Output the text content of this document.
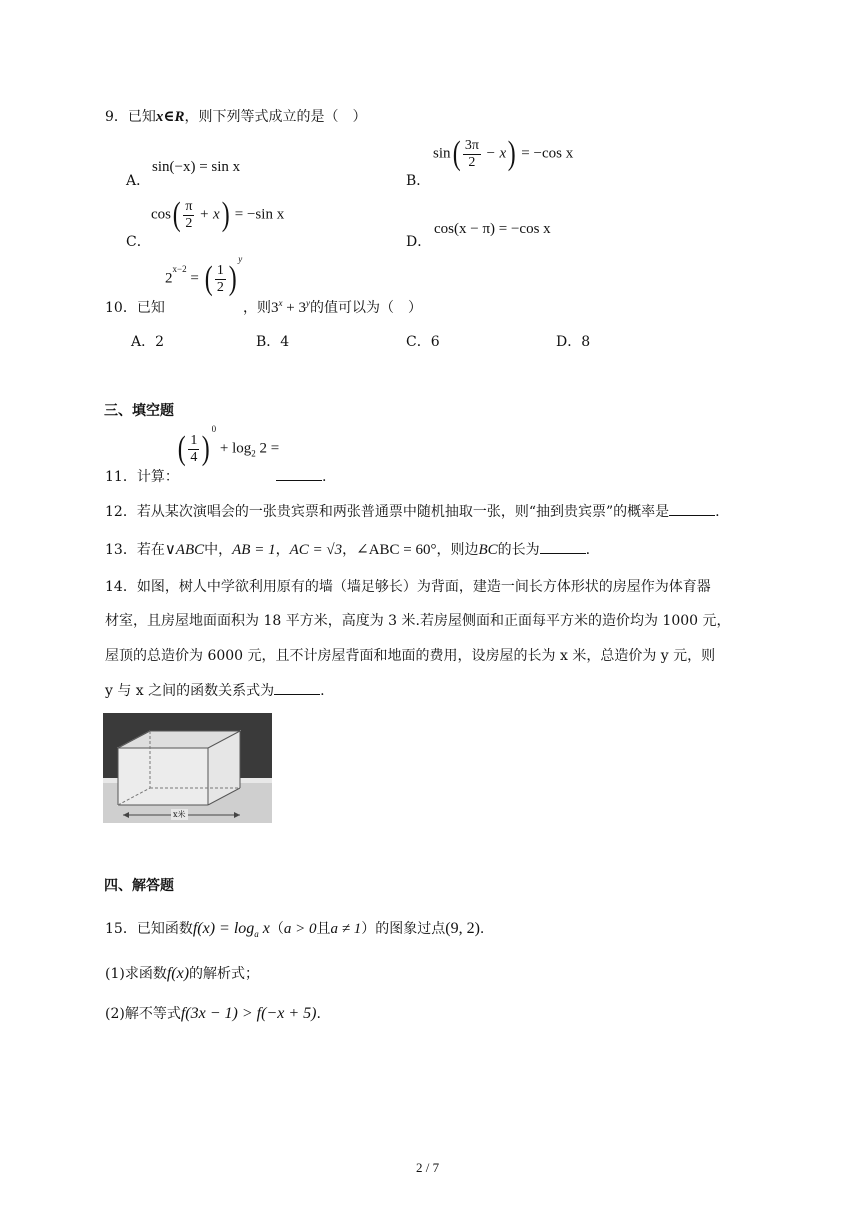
9．已知x∈R，则下列等式成立的是（　）
A．
sin(−x) = sin x
B．
$\sin( \frac{3\pi}{2} - x) = -\cos$ x
C．
$\cos( \frac{\pi}{2} + x) = -\sin$ x
D．
cos(x − π) = −cos x
10．已知
$2^{x-2}$ = ( $\frac{1}{2} )^y$
，则$3^x + 3^y$的值可以为（　）
A．2	B．4	C．6	D．8
三、填空题
11．计算：
( $\frac{1}{4} )^0 + \log_2 2$ =
.
12．若从某次演唱会的一张贵宾票和两张普通票中随机抽取一张，则“抽到贵宾票”的概率是	.
13．若在∨ABC中，AB = 1，AC = √3，∠ABC = 60°，则边BC的长为	.
14．如图，树人中学欲利用原有的墙（墙足够长）为背面，建造一间长方体形状的房屋作为体育器
材室，且房屋地面面积为 18 平方米，高度为 3 米.若房屋侧面和正面每平方米的造价均为 1000 元，
屋顶的总造价为 6000 元，且不计房屋背面和地面的费用，设房屋的长为 x 米，总造价为 y 元，则
y 与 x 之间的函数关系式为	.
x米
四、解答题
15．已知函数$f(x) = \log_a x(a > 0$且a ≠ 1）的图象过点(9, 2).
(1)求函数f(x)的解析式；
(2)解不等式f(3x − 1) > f(−x + 5).
2 / 7
